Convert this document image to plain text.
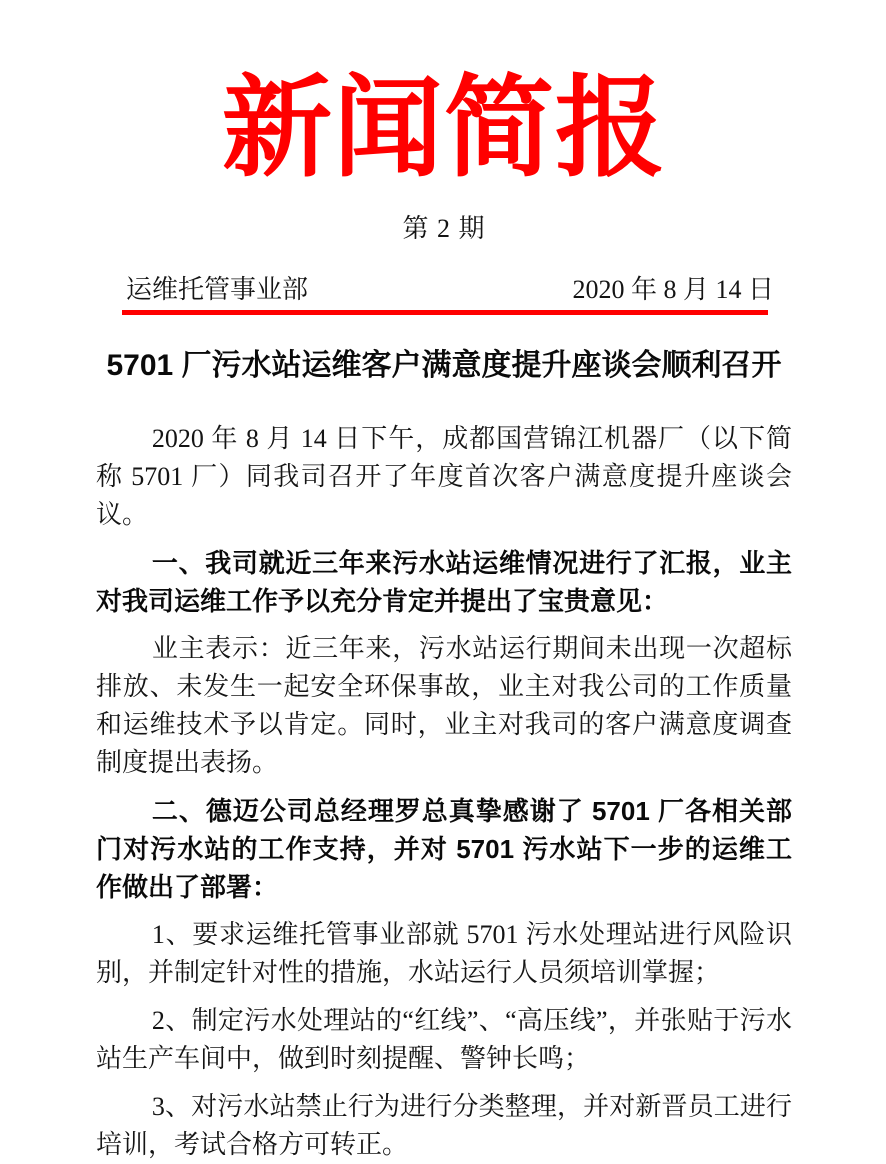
新闻简报
第 2 期
运维托管事业部	2020 年 8 月 14 日
5701 厂污水站运维客户满意度提升座谈会顺利召开

2020 年 8 月 14 日下午，成都国营锦江机器厂（以下简称 5701 厂）同我司召开了年度首次客户满意度提升座谈会议。

一、我司就近三年来污水站运维情况进行了汇报，业主对我司运维工作予以充分肯定并提出了宝贵意见：

业主表示：近三年来，污水站运行期间未出现一次超标排放、未发生一起安全环保事故，业主对我公司的工作质量和运维技术予以肯定。同时，业主对我司的客户满意度调查制度提出表扬。

二、德迈公司总经理罗总真挚感谢了 5701 厂各相关部门对污水站的工作支持，并对 5701 污水站下一步的运维工作做出了部署：

1、要求运维托管事业部就 5701 污水处理站进行风险识别，并制定针对性的措施，水站运行人员须培训掌握；

2、制定污水处理站的“红线”、“高压线”，并张贴于污水站生产车间中，做到时刻提醒、警钟长鸣；

3、对污水站禁止行为进行分类整理，并对新晋员工进行培训，考试合格方可转正。
